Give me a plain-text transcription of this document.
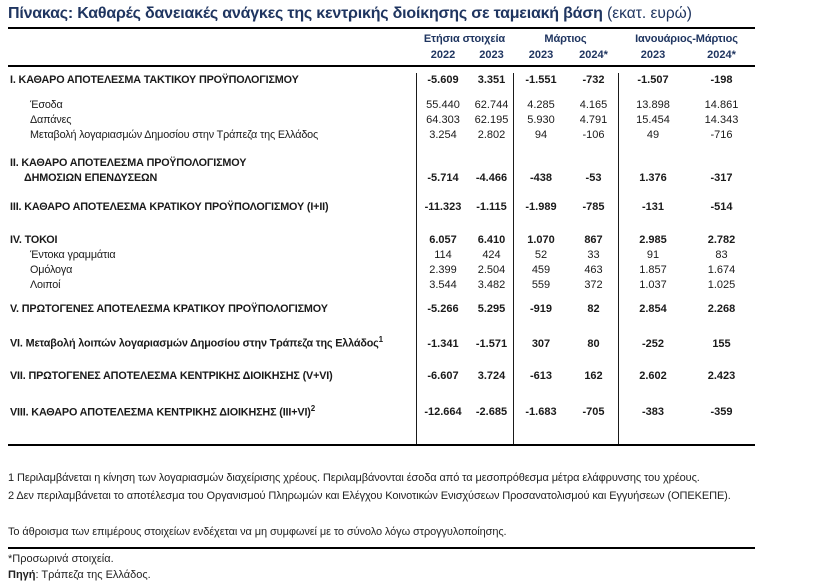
Πίνακας: Καθαρές δανειακές ανάγκες της κεντρικής διοίκησης σε ταμειακή βάση (εκατ. ευρώ)
Ετήσια στοιχεία	Μάρτιος	Ιανουάριος-Μάρτιος
2022	2023	2023	2024*	2023	2024*
I. ΚΑΘΑΡΟ ΑΠΟΤΕΛΕΣΜΑ ΤΑΚΤΙΚΟΥ ΠΡΟΫΠΟΛΟΓΙΣΜΟΥ	-5.609	3.351	-1.551	-732	-1.507	-198
Έσοδα	55.440	62.744	4.285	4.165	13.898	14.861
Δαπάνες	64.303	62.195	5.930	4.791	15.454	14.343
Μεταβολή λογαριασμών Δημοσίου στην Τράπεζα της Ελλάδος	3.254	2.802	94	-106	49	-716
II. ΚΑΘΑΡΟ ΑΠΟΤΕΛΕΣΜΑ ΠΡΟΫΠΟΛΟΓΙΣΜΟΥ
ΔΗΜΟΣΙΩΝ ΕΠΕΝΔΥΣΕΩΝ	-5.714	-4.466	-438	-53	1.376	-317
III. ΚΑΘΑΡΟ ΑΠΟΤΕΛΕΣΜΑ ΚΡΑΤΙΚΟΥ ΠΡΟΫΠΟΛΟΓΙΣΜΟΥ (I+II)	-11.323	-1.115	-1.989	-785	-131	-514
IV. ΤΟΚΟΙ	6.057	6.410	1.070	867	2.985	2.782
Έντοκα γραμμάτια	114	424	52	33	91	83
Ομόλογα	2.399	2.504	459	463	1.857	1.674
Λοιποί	3.544	3.482	559	372	1.037	1.025
V. ΠΡΩΤΟΓΕΝΕΣ ΑΠΟΤΕΛΕΣΜΑ ΚΡΑΤΙΚΟΥ ΠΡΟΫΠΟΛΟΓΙΣΜΟΥ	-5.266	5.295	-919	82	2.854	2.268
VI. Μεταβολή λοιπών λογαριασμών Δημοσίου στην Τράπεζα της Ελλάδος$^1$	-1.341	-1.571	307	80	-252	155
VII. ΠΡΩΤΟΓΕΝΕΣ ΑΠΟΤΕΛΕΣΜΑ ΚΕΝΤΡΙΚΗΣ ΔΙΟΙΚΗΣΗΣ (V+VI)	-6.607	3.724	-613	162	2.602	2.423
VIII. ΚΑΘΑΡΟ ΑΠΟΤΕΛΕΣΜΑ ΚΕΝΤΡΙΚΗΣ ΔΙΟΙΚΗΣΗΣ $(III+VI)^2$	-12.664	-2.685	-1.683	-705	-383	-359
1 Περιλαμβάνεται η κίνηση των λογαριασμών διαχείρισης χρέους. Περιλαμβάνονται έσοδα από τα μεσοπρόθεσμα μέτρα ελάφρυνσης του χρέους.
2 Δεν περιλαμβάνεται το αποτέλεσμα του Οργανισμού Πληρωμών και Ελέγχου Κοινοτικών Ενισχύσεων Προσανατολισμού και Εγγυήσεων (ΟΠΕΚΕΠΕ).
Το άθροισμα των επιμέρους στοιχείων ενδέχεται να μη συμφωνεί με το σύνολο λόγω στρογγυλοποίησης.
*Προσωρινά στοιχεία.
Πηγή: Τράπεζα της Ελλάδος.
